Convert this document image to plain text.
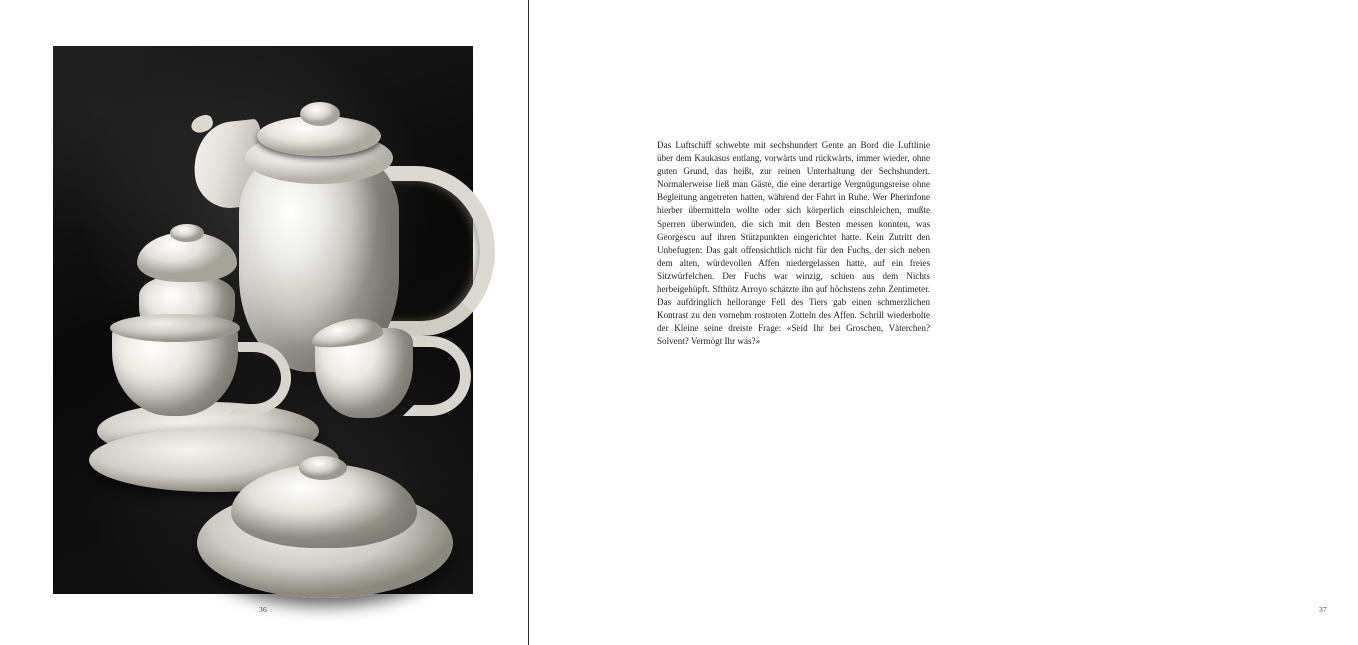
36

Das Luftschiff schwebte mit sechshundert Gente an Bord die Luftlinie über dem Kaukasus entlang, vorwärts und rückwärts, immer wieder, ohne guten Grund, das heißt, zur reinen Unterhaltung der Sechshundert. Normalerweise ließ man Gäste, die eine derartige Vergnügungsreise ohne Begleitung angetreten hatten, während der Fahrt in Ruhe. Wer Pherinfone hierber übermitteln wollte oder sich körperlich einschleichen, mußte Sperren überwinden, die sich mit den Besten messen konnten, was Georgescu auf ihren Stützpunkten eingerichtet hatte. Kein Zutritt den Unbefugten: Das galt offensichtlich nicht für den Fuchs, der sich neben dem alten, würdevollen Affen niedergelassen hatte, auf ein freies Sitzwürfelchen. Der Fuchs war winzig, schien aus dem Nichts herbeigehüpft. Sfthütz Arroyo schätzte ihn auf höchstens zehn Zentimeter. Das aufdringlich hellorange Fell des Tiers gab einen schmerzlichen Kontrast zu den vornehm rostroten Zotteln des Affen. Schrill wiederholte der Kleine seine dreiste Frage: «Seid Ihr bei Groschen, Väterchen? Solvent? Vermögt Ihr was?»

37
